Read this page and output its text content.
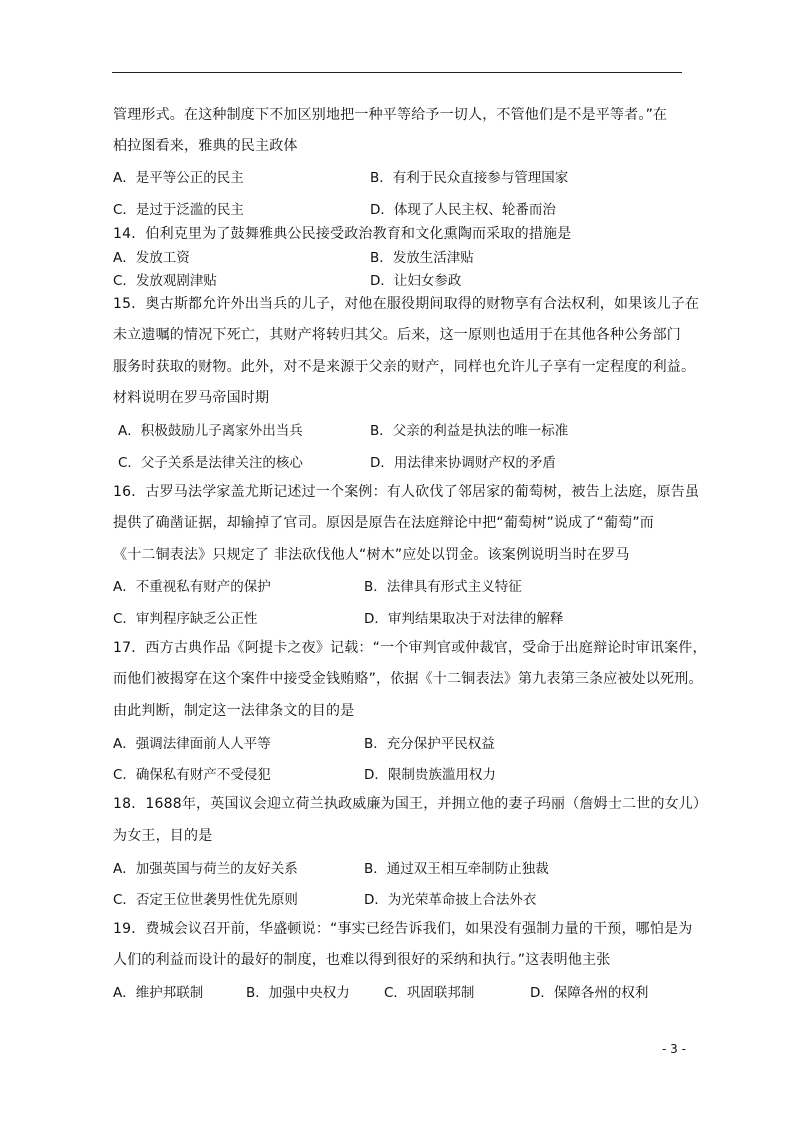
管理形式。在这种制度下不加区别地把一种平等给予一切人，不管他们是不是平等者。”在
柏拉图看来，雅典的民主政体
A．是平等公正的民主	B．有利于民众直接参与管理国家
C．是过于泛滥的民主	D．体现了人民主权、轮番而治
14．伯利克里为了鼓舞雅典公民接受政治教育和文化熏陶而采取的措施是
A．发放工资	B．发放生活津贴
C．发放观剧津贴	D．让妇女参政
15．奥古斯都允许外出当兵的儿子，对他在服役期间取得的财物享有合法权利，如果该儿子在
未立遗嘱的情况下死亡，其财产将转归其父。后来，这一原则也适用于在其他各种公务部门
服务时获取的财物。此外，对不是来源于父亲的财产，同样也允许儿子享有一定程度的利益。
材料说明在罗马帝国时期
A．积极鼓励儿子离家外出当兵	B．父亲的利益是执法的唯一标准
C．父子关系是法律关注的核心	D．用法律来协调财产权的矛盾
16．古罗马法学家盖尤斯记述过一个案例：有人砍伐了邻居家的葡萄树，被告上法庭，原告虽
提供了确凿证据，却输掉了官司。原因是原告在法庭辩论中把“葡萄树”说成了“葡萄”而
《十二铜表法》只规定了 非法砍伐他人“树木”应处以罚金。该案例说明当时在罗马
A．不重视私有财产的保护	B．法律具有形式主义特征
C．审判程序缺乏公正性	D．审判结果取决于对法律的解释
17．西方古典作品《阿提卡之夜》记载：“一个审判官或仲裁官，受命于出庭辩论时审讯案件，
而他们被揭穿在这个案件中接受金钱贿赂”，依据《十二铜表法》第九表第三条应被处以死刑。
由此判断，制定这一法律条文的目的是
A．强调法律面前人人平等	B．充分保护平民权益
C．确保私有财产不受侵犯	D．限制贵族滥用权力
18．1688年，英国议会迎立荷兰执政威廉为国王，并拥立他的妻子玛丽（詹姆士二世的女儿）
为女王，目的是
A．加强英国与荷兰的友好关系	B．通过双王相互牵制防止独裁
C．否定王位世袭男性优先原则	D．为光荣革命披上合法外衣
19．费城会议召开前，华盛顿说：“事实已经告诉我们，如果没有强制力量的干预，哪怕是为
人们的利益而设计的最好的制度，也难以得到很好的采纳和执行。”这表明他主张
A．维护邦联制	B．加强中央权力	C．巩固联邦制	D．保障各州的权利
- 3 -
